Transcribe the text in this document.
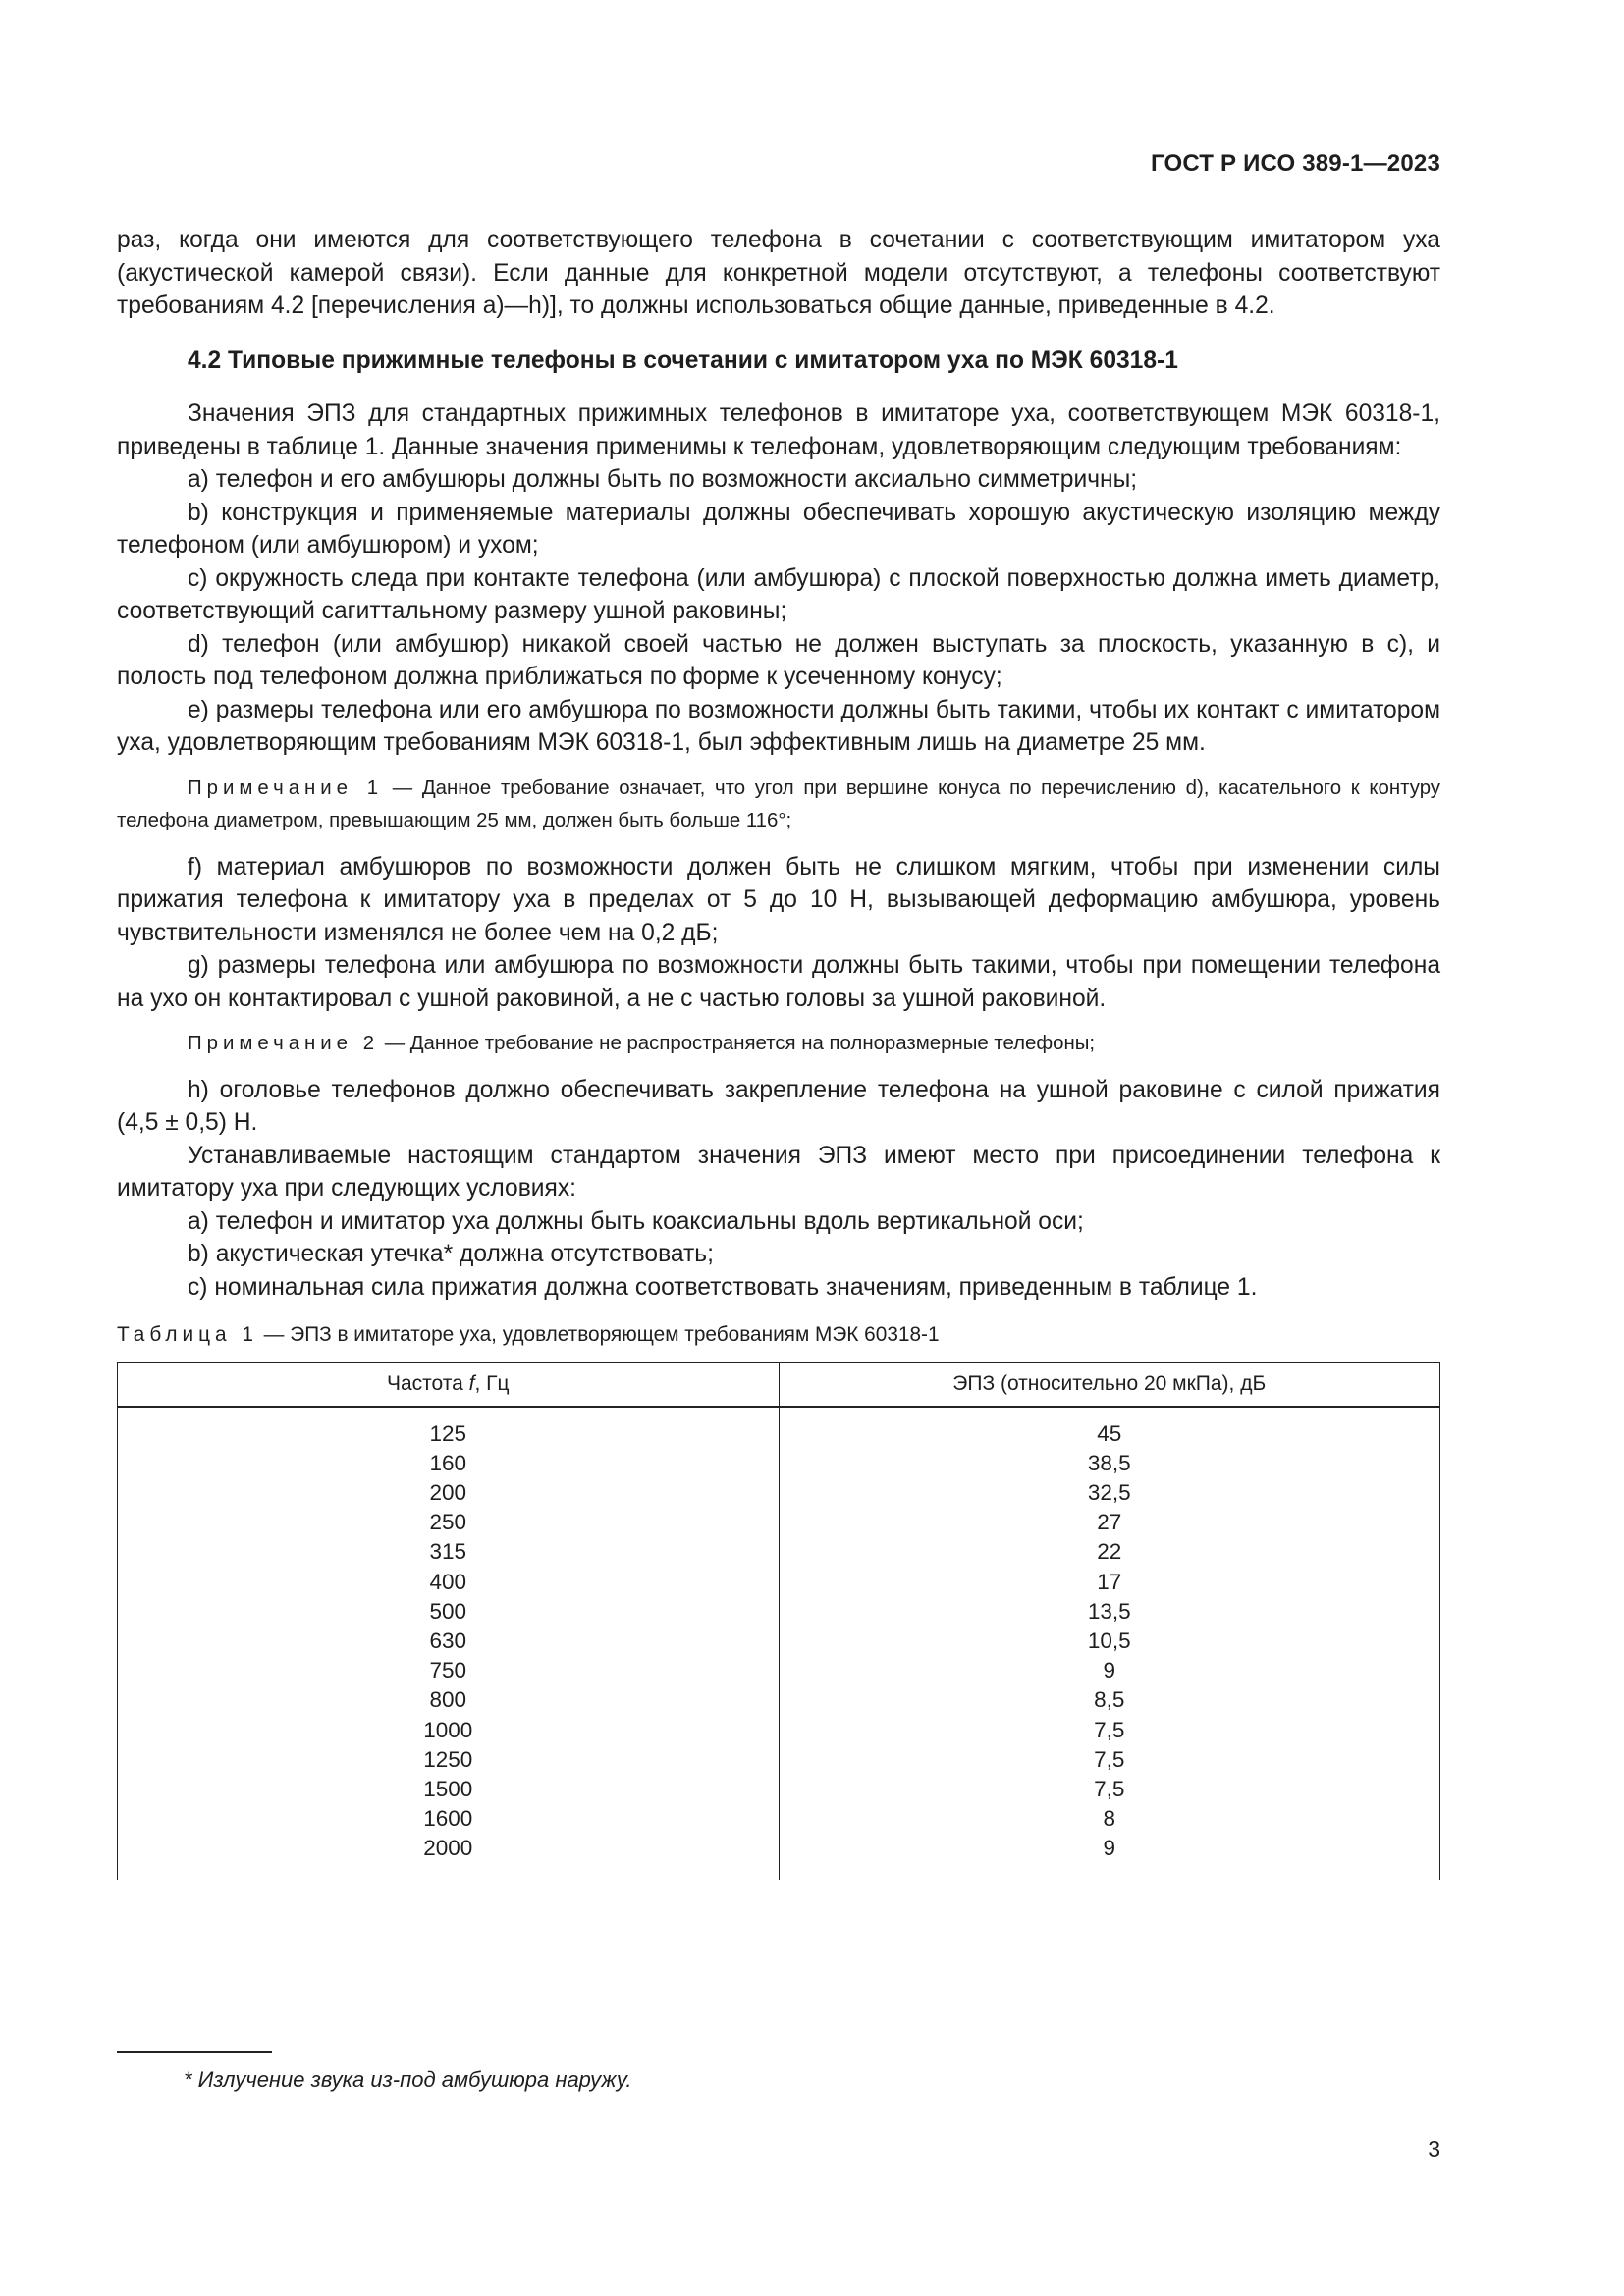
ГОСТ Р ИСО 389-1—2023

раз, когда они имеются для соответствующего телефона в сочетании с соответствующим имитатором уха (акустической камерой связи). Если данные для конкретной модели отсутствуют, а телефоны соответствуют требованиям 4.2 [перечисления a)—h)], то должны использоваться общие данные, приведенные в 4.2.

4.2 Типовые прижимные телефоны в сочетании с имитатором уха по МЭК 60318-1

Значения ЭПЗ для стандартных прижимных телефонов в имитаторе уха, соответствующем МЭК 60318-1, приведены в таблице 1. Данные значения применимы к телефонам, удовлетворяющим следующим требованиям:

a) телефон и его амбушюры должны быть по возможности аксиально симметричны;

b) конструкция и применяемые материалы должны обеспечивать хорошую акустическую изоляцию между телефоном (или амбушюром) и ухом;

c) окружность следа при контакте телефона (или амбушюра) с плоской поверхностью должна иметь диаметр, соответствующий сагиттальному размеру ушной раковины;

d) телефон (или амбушюр) никакой своей частью не должен выступать за плоскость, указанную в c), и полость под телефоном должна приближаться по форме к усеченному конусу;

e) размеры телефона или его амбушюра по возможности должны быть такими, чтобы их контакт с имитатором уха, удовлетворяющим требованиям МЭК 60318-1, был эффективным лишь на диаметре 25 мм.

Примечание 1 — Данное требование означает, что угол при вершине конуса по перечислению d), касательного к контуру телефона диаметром, превышающим 25 мм, должен быть больше 116°;

f) материал амбушюров по возможности должен быть не слишком мягким, чтобы при изменении силы прижатия телефона к имитатору уха в пределах от 5 до 10 Н, вызывающей деформацию амбушюра, уровень чувствительности изменялся не более чем на 0,2 дБ;

g) размеры телефона или амбушюра по возможности должны быть такими, чтобы при помещении телефона на ухо он контактировал с ушной раковиной, а не с частью головы за ушной раковиной.

Примечание 2 — Данное требование не распространяется на полноразмерные телефоны;

h) оголовье телефонов должно обеспечивать закрепление телефона на ушной раковине с силой прижатия (4,5 ± 0,5) Н.

Устанавливаемые настоящим стандартом значения ЭПЗ имеют место при присоединении телефона к имитатору уха при следующих условиях:

a) телефон и имитатор уха должны быть коаксиальны вдоль вертикальной оси;

b) акустическая утечка* должна отсутствовать;

c) номинальная сила прижатия должна соответствовать значениям, приведенным в таблице 1.

Таблица 1 — ЭПЗ в имитаторе уха, удовлетворяющем требованиям МЭК 60318-1

Частота f, Гц	ЭПЗ (относительно 20 мкПа), дБ
125	45
160	38,5
200	32,5
250	27
315	22
400	17
500	13,5
630	10,5
750	9
800	8,5
1000	7,5
1250	7,5
1500	7,5
1600	8
2000	9
* Излучение звука из-под амбушюра наружу.
3
